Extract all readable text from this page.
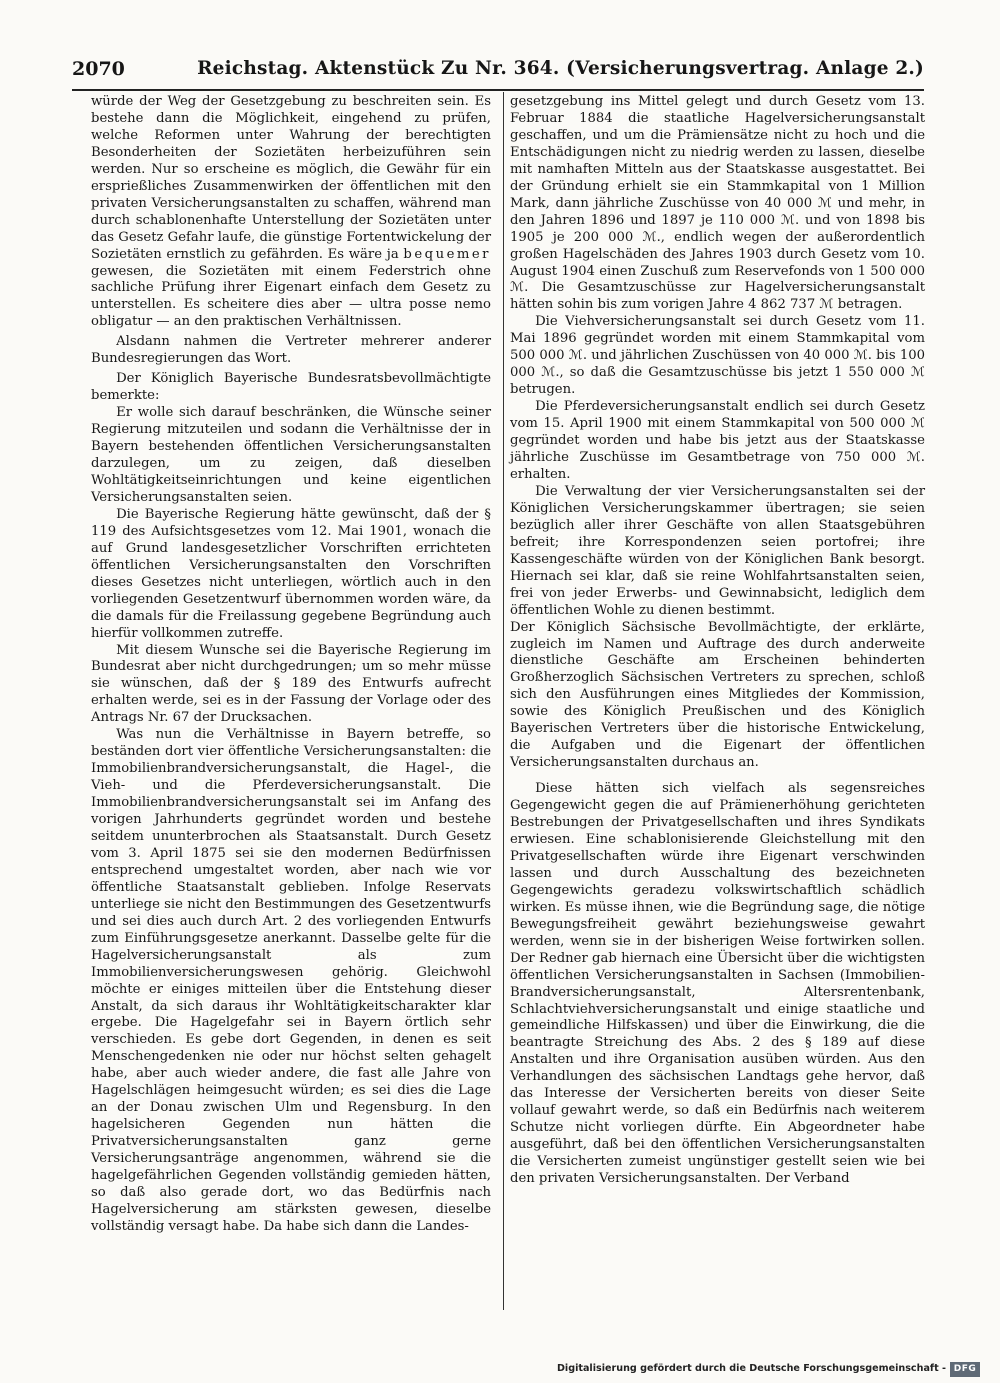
2070	Reichstag. Aktenstück Zu Nr. 364. (Versicherungsvertrag. Anlage 2.)

würde der Weg der Gesetzgebung zu beschreiten sein. Es bestehe dann die Möglichkeit, eingehend zu prüfen, welche Reformen unter Wahrung der berechtigten Besonderheiten der Sozietäten herbeizuführen sein werden. Nur so erscheine es möglich, die Gewähr für ein ersprießliches Zusammenwirken der öffentlichen mit den privaten Versicherungsanstalten zu schaffen, während man durch schablonenhafte Unterstellung der Sozietäten unter das Gesetz Gefahr laufe, die günstige Fortentwickelung der Sozietäten ernstlich zu gefährden. Es wäre ja bequemer gewesen, die Sozietäten mit einem Federstrich ohne sachliche Prüfung ihrer Eigenart einfach dem Gesetz zu unterstellen. Es scheitere dies aber — ultra posse nemo obligatur — an den praktischen Verhältnissen.

Alsdann nahmen die Vertreter mehrerer anderer Bundesregierungen das Wort.

Der Königlich Bayerische Bundesratsbevollmächtigte bemerkte:

Er wolle sich darauf beschränken, die Wünsche seiner Regierung mitzuteilen und sodann die Verhältnisse der in Bayern bestehenden öffentlichen Versicherungsanstalten darzulegen, um zu zeigen, daß dieselben Wohltätigkeitseinrichtungen und keine eigentlichen Versicherungsanstalten seien.

Die Bayerische Regierung hätte gewünscht, daß der § 119 des Aufsichtsgesetzes vom 12. Mai 1901, wonach die auf Grund landesgesetzlicher Vorschriften errichteten öffentlichen Versicherungsanstalten den Vorschriften dieses Gesetzes nicht unterliegen, wörtlich auch in den vorliegenden Gesetzentwurf übernommen worden wäre, da die damals für die Freilassung gegebene Begründung auch hierfür vollkommen zutreffe.

Mit diesem Wunsche sei die Bayerische Regierung im Bundesrat aber nicht durchgedrungen; um so mehr müsse sie wünschen, daß der § 189 des Entwurfs aufrecht erhalten werde, sei es in der Fassung der Vorlage oder des Antrags Nr. 67 der Drucksachen.

Was nun die Verhältnisse in Bayern betreffe, so beständen dort vier öffentliche Versicherungsanstalten: die Immobilienbrandversicherungsanstalt, die Hagel-, die Vieh- und die Pferdeversicherungsanstalt. Die Immobilienbrandversicherungsanstalt sei im Anfang des vorigen Jahrhunderts gegründet worden und bestehe seitdem ununterbrochen als Staatsanstalt. Durch Gesetz vom 3. April 1875 sei sie den modernen Bedürfnissen entsprechend umgestaltet worden, aber nach wie vor öffentliche Staatsanstalt geblieben. Infolge Reservats unterliege sie nicht den Bestimmungen des Gesetzentwurfs und sei dies auch durch Art. 2 des vorliegenden Entwurfs zum Einführungsgesetze anerkannt. Dasselbe gelte für die Hagelversicherungsanstalt als zum Immobilienversicherungswesen gehörig. Gleichwohl möchte er einiges mitteilen über die Entstehung dieser Anstalt, da sich daraus ihr Wohltätigkeitscharakter klar ergebe. Die Hagelgefahr sei in Bayern örtlich sehr verschieden. Es gebe dort Gegenden, in denen es seit Menschengedenken nie oder nur höchst selten gehagelt habe, aber auch wieder andere, die fast alle Jahre von Hagelschlägen heimgesucht würden; es sei dies die Lage an der Donau zwischen Ulm und Regensburg. In den hagelsicheren Gegenden nun hätten die Privatversicherungsanstalten ganz gerne Versicherungsanträge angenommen, während sie die hagelgefährlichen Gegenden vollständig gemieden hätten, so daß also gerade dort, wo das Bedürfnis nach Hagelversicherung am stärksten gewesen, dieselbe vollständig versagt habe. Da habe sich dann die Landes-

gesetzgebung ins Mittel gelegt und durch Gesetz vom 13. Februar 1884 die staatliche Hagelversicherungsanstalt geschaffen, und um die Prämiensätze nicht zu hoch und die Entschädigungen nicht zu niedrig werden zu lassen, dieselbe mit namhaften Mitteln aus der Staatskasse ausgestattet. Bei der Gründung erhielt sie ein Stammkapital von 1 Million Mark, dann jährliche Zuschüsse von 40 000 ℳ und mehr, in den Jahren 1896 und 1897 je 110 000 ℳ. und von 1898 bis 1905 je 200 000 ℳ., endlich wegen der außerordentlich großen Hagelschäden des Jahres 1903 durch Gesetz vom 10. August 1904 einen Zuschuß zum Reservefonds von 1 500 000 ℳ. Die Gesamtzuschüsse zur Hagelversicherungsanstalt hätten sohin bis zum vorigen Jahre 4 862 737 ℳ betragen.

Die Viehversicherungsanstalt sei durch Gesetz vom 11. Mai 1896 gegründet worden mit einem Stammkapital vom 500 000 ℳ. und jährlichen Zuschüssen von 40 000 ℳ. bis 100 000 ℳ., so daß die Gesamtzuschüsse bis jetzt 1 550 000 ℳ betrugen.

Die Pferdeversicherungsanstalt endlich sei durch Gesetz vom 15. April 1900 mit einem Stammkapital von 500 000 ℳ gegründet worden und habe bis jetzt aus der Staatskasse jährliche Zuschüsse im Gesamtbetrage von 750 000 ℳ. erhalten.

Die Verwaltung der vier Versicherungsanstalten sei der Königlichen Versicherungskammer übertragen; sie seien bezüglich aller ihrer Geschäfte von allen Staatsgebühren befreit; ihre Korrespondenzen seien portofrei; ihre Kassengeschäfte würden von der Königlichen Bank besorgt. Hiernach sei klar, daß sie reine Wohlfahrtsanstalten seien, frei von jeder Erwerbs- und Gewinnabsicht, lediglich dem öffentlichen Wohle zu dienen bestimmt.

Der Königlich Sächsische Bevollmächtigte, der erklärte, zugleich im Namen und Auftrage des durch anderweite dienstliche Geschäfte am Erscheinen behinderten Großherzoglich Sächsischen Vertreters zu sprechen, schloß sich den Ausführungen eines Mitgliedes der Kommission, sowie des Königlich Preußischen und des Königlich Bayerischen Vertreters über die historische Entwickelung, die Aufgaben und die Eigenart der öffentlichen Versicherungsanstalten durchaus an.

Diese hätten sich vielfach als segensreiches Gegengewicht gegen die auf Prämienerhöhung gerichteten Bestrebungen der Privatgesellschaften und ihres Syndikats erwiesen. Eine schablonisierende Gleichstellung mit den Privatgesellschaften würde ihre Eigenart verschwinden lassen und durch Ausschaltung des bezeichneten Gegengewichts geradezu volkswirtschaftlich schädlich wirken. Es müsse ihnen, wie die Begründung sage, die nötige Bewegungsfreiheit gewährt beziehungsweise gewahrt werden, wenn sie in der bisherigen Weise fortwirken sollen. Der Redner gab hiernach eine Übersicht über die wichtigsten öffentlichen Versicherungsanstalten in Sachsen (Immobilien-Brandversicherungsanstalt, Altersrentenbank, Schlachtviehversicherungsanstalt und einige staatliche und gemeindliche Hilfskassen) und über die Einwirkung, die die beantragte Streichung des Abs. 2 des § 189 auf diese Anstalten und ihre Organisation ausüben würden. Aus den Verhandlungen des sächsischen Landtags gehe hervor, daß das Interesse der Versicherten bereits von dieser Seite vollauf gewahrt werde, so daß ein Bedürfnis nach weiterem Schutze nicht vorliegen dürfte. Ein Abgeordneter habe ausgeführt, daß bei den öffentlichen Versicherungsanstalten die Versicherten zumeist ungünstiger gestellt seien wie bei den privaten Versicherungsanstalten. Der Verband

Digitalisierung gefördert durch die Deutsche Forschungsgemeinschaft - DFG
